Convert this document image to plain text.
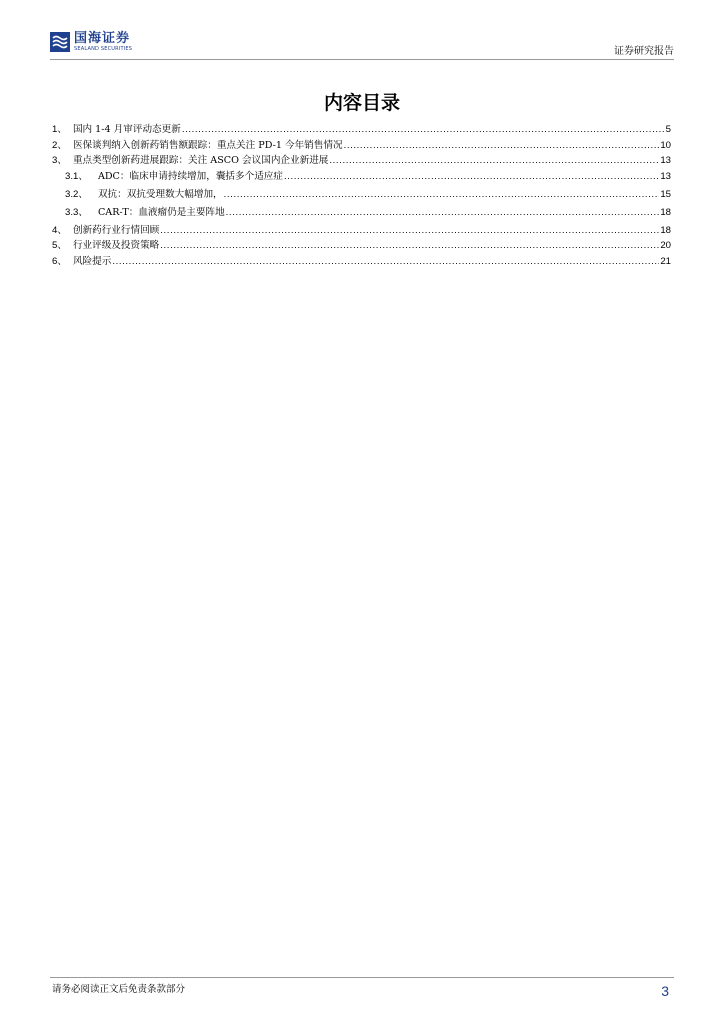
国海证券
SEALAND SECURITIES	证券研究报告
内容目录
1、 国内 1-4 月审评动态更新 .....	5
2、 医保谈判纳入创新药销售额跟踪：重点关注 PD-1 今年销售情况 .....	10
3、 重点类型创新药进展跟踪：关注 ASCO 会议国内企业新进展 .....	13
3.1、 ADC：临床申请持续增加，囊括多个适应症 .....	13
3.2、 双抗：双抗受理数大幅增加， .....	15
3.3、 CAR-T：血液瘤仍是主要阵地 .....	18
4、 创新药行业行情回顾 .....	18
5、 行业评级及投资策略 .....	20
6、 风险提示 .....	21
请务必阅读正文后免责条款部分	3
